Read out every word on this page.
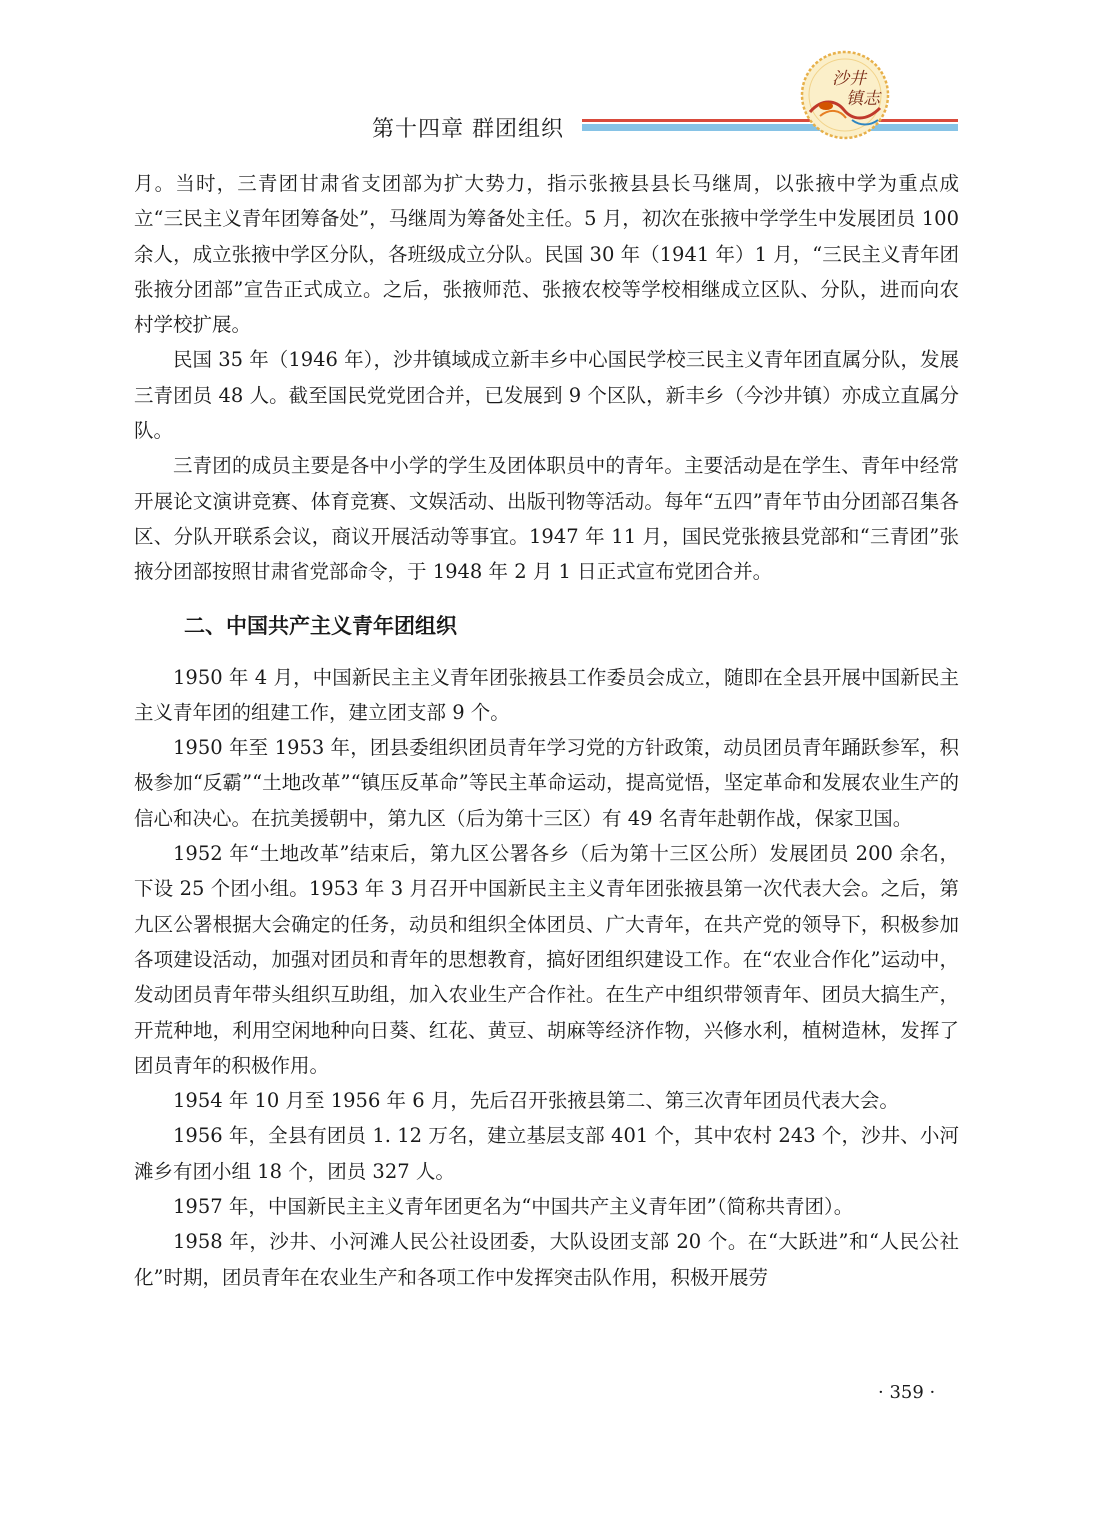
第十四章 群团组织
沙井
镇志

月。当时，三青团甘肃省支团部为扩大势力，指示张掖县县长马继周，以张掖中学为重点成立“三民主义青年团筹备处”，马继周为筹备处主任。5 月，初次在张掖中学学生中发展团员 100 余人，成立张掖中学区分队，各班级成立分队。民国 30 年（1941 年）1 月，“三民主义青年团张掖分团部”宣告正式成立。之后，张掖师范、张掖农校等学校相继成立区队、分队，进而向农村学校扩展。

民国 35 年（1946 年），沙井镇域成立新丰乡中心国民学校三民主义青年团直属分队，发展三青团员 48 人。截至国民党党团合并，已发展到 9 个区队，新丰乡（今沙井镇）亦成立直属分队。

三青团的成员主要是各中小学的学生及团体职员中的青年。主要活动是在学生、青年中经常开展论文演讲竞赛、体育竞赛、文娱活动、出版刊物等活动。每年“五四”青年节由分团部召集各区、分队开联系会议，商议开展活动等事宜。1947 年 11 月，国民党张掖县党部和“三青团”张掖分团部按照甘肃省党部命令，于 1948 年 2 月 1 日正式宣布党团合并。

二、中国共产主义青年团组织

1950 年 4 月，中国新民主主义青年团张掖县工作委员会成立，随即在全县开展中国新民主主义青年团的组建工作，建立团支部 9 个。

1950 年至 1953 年，团县委组织团员青年学习党的方针政策，动员团员青年踊跃参军，积极参加“反霸”“土地改革”“镇压反革命”等民主革命运动，提高觉悟，坚定革命和发展农业生产的信心和决心。在抗美援朝中，第九区（后为第十三区）有 49 名青年赴朝作战，保家卫国。

1952 年“土地改革”结束后，第九区公署各乡（后为第十三区公所）发展团员 200 余名，下设 25 个团小组。1953 年 3 月召开中国新民主主义青年团张掖县第一次代表大会。之后，第九区公署根据大会确定的任务，动员和组织全体团员、广大青年，在共产党的领导下，积极参加各项建设活动，加强对团员和青年的思想教育，搞好团组织建设工作。在“农业合作化”运动中，发动团员青年带头组织互助组，加入农业生产合作社。在生产中组织带领青年、团员大搞生产，开荒种地，利用空闲地种向日葵、红花、黄豆、胡麻等经济作物，兴修水利，植树造林，发挥了团员青年的积极作用。

1954 年 10 月至 1956 年 6 月，先后召开张掖县第二、第三次青年团员代表大会。

1956 年，全县有团员 1. 12 万名，建立基层支部 401 个，其中农村 243 个，沙井、小河滩乡有团小组 18 个，团员 327 人。

1957 年，中国新民主主义青年团更名为“中国共产主义青年团”（简称共青团）。

1958 年，沙井、小河滩人民公社设团委，大队设团支部 20 个。在“大跃进”和“人民公社化”时期，团员青年在农业生产和各项工作中发挥突击队作用，积极开展劳

· 359 ·
